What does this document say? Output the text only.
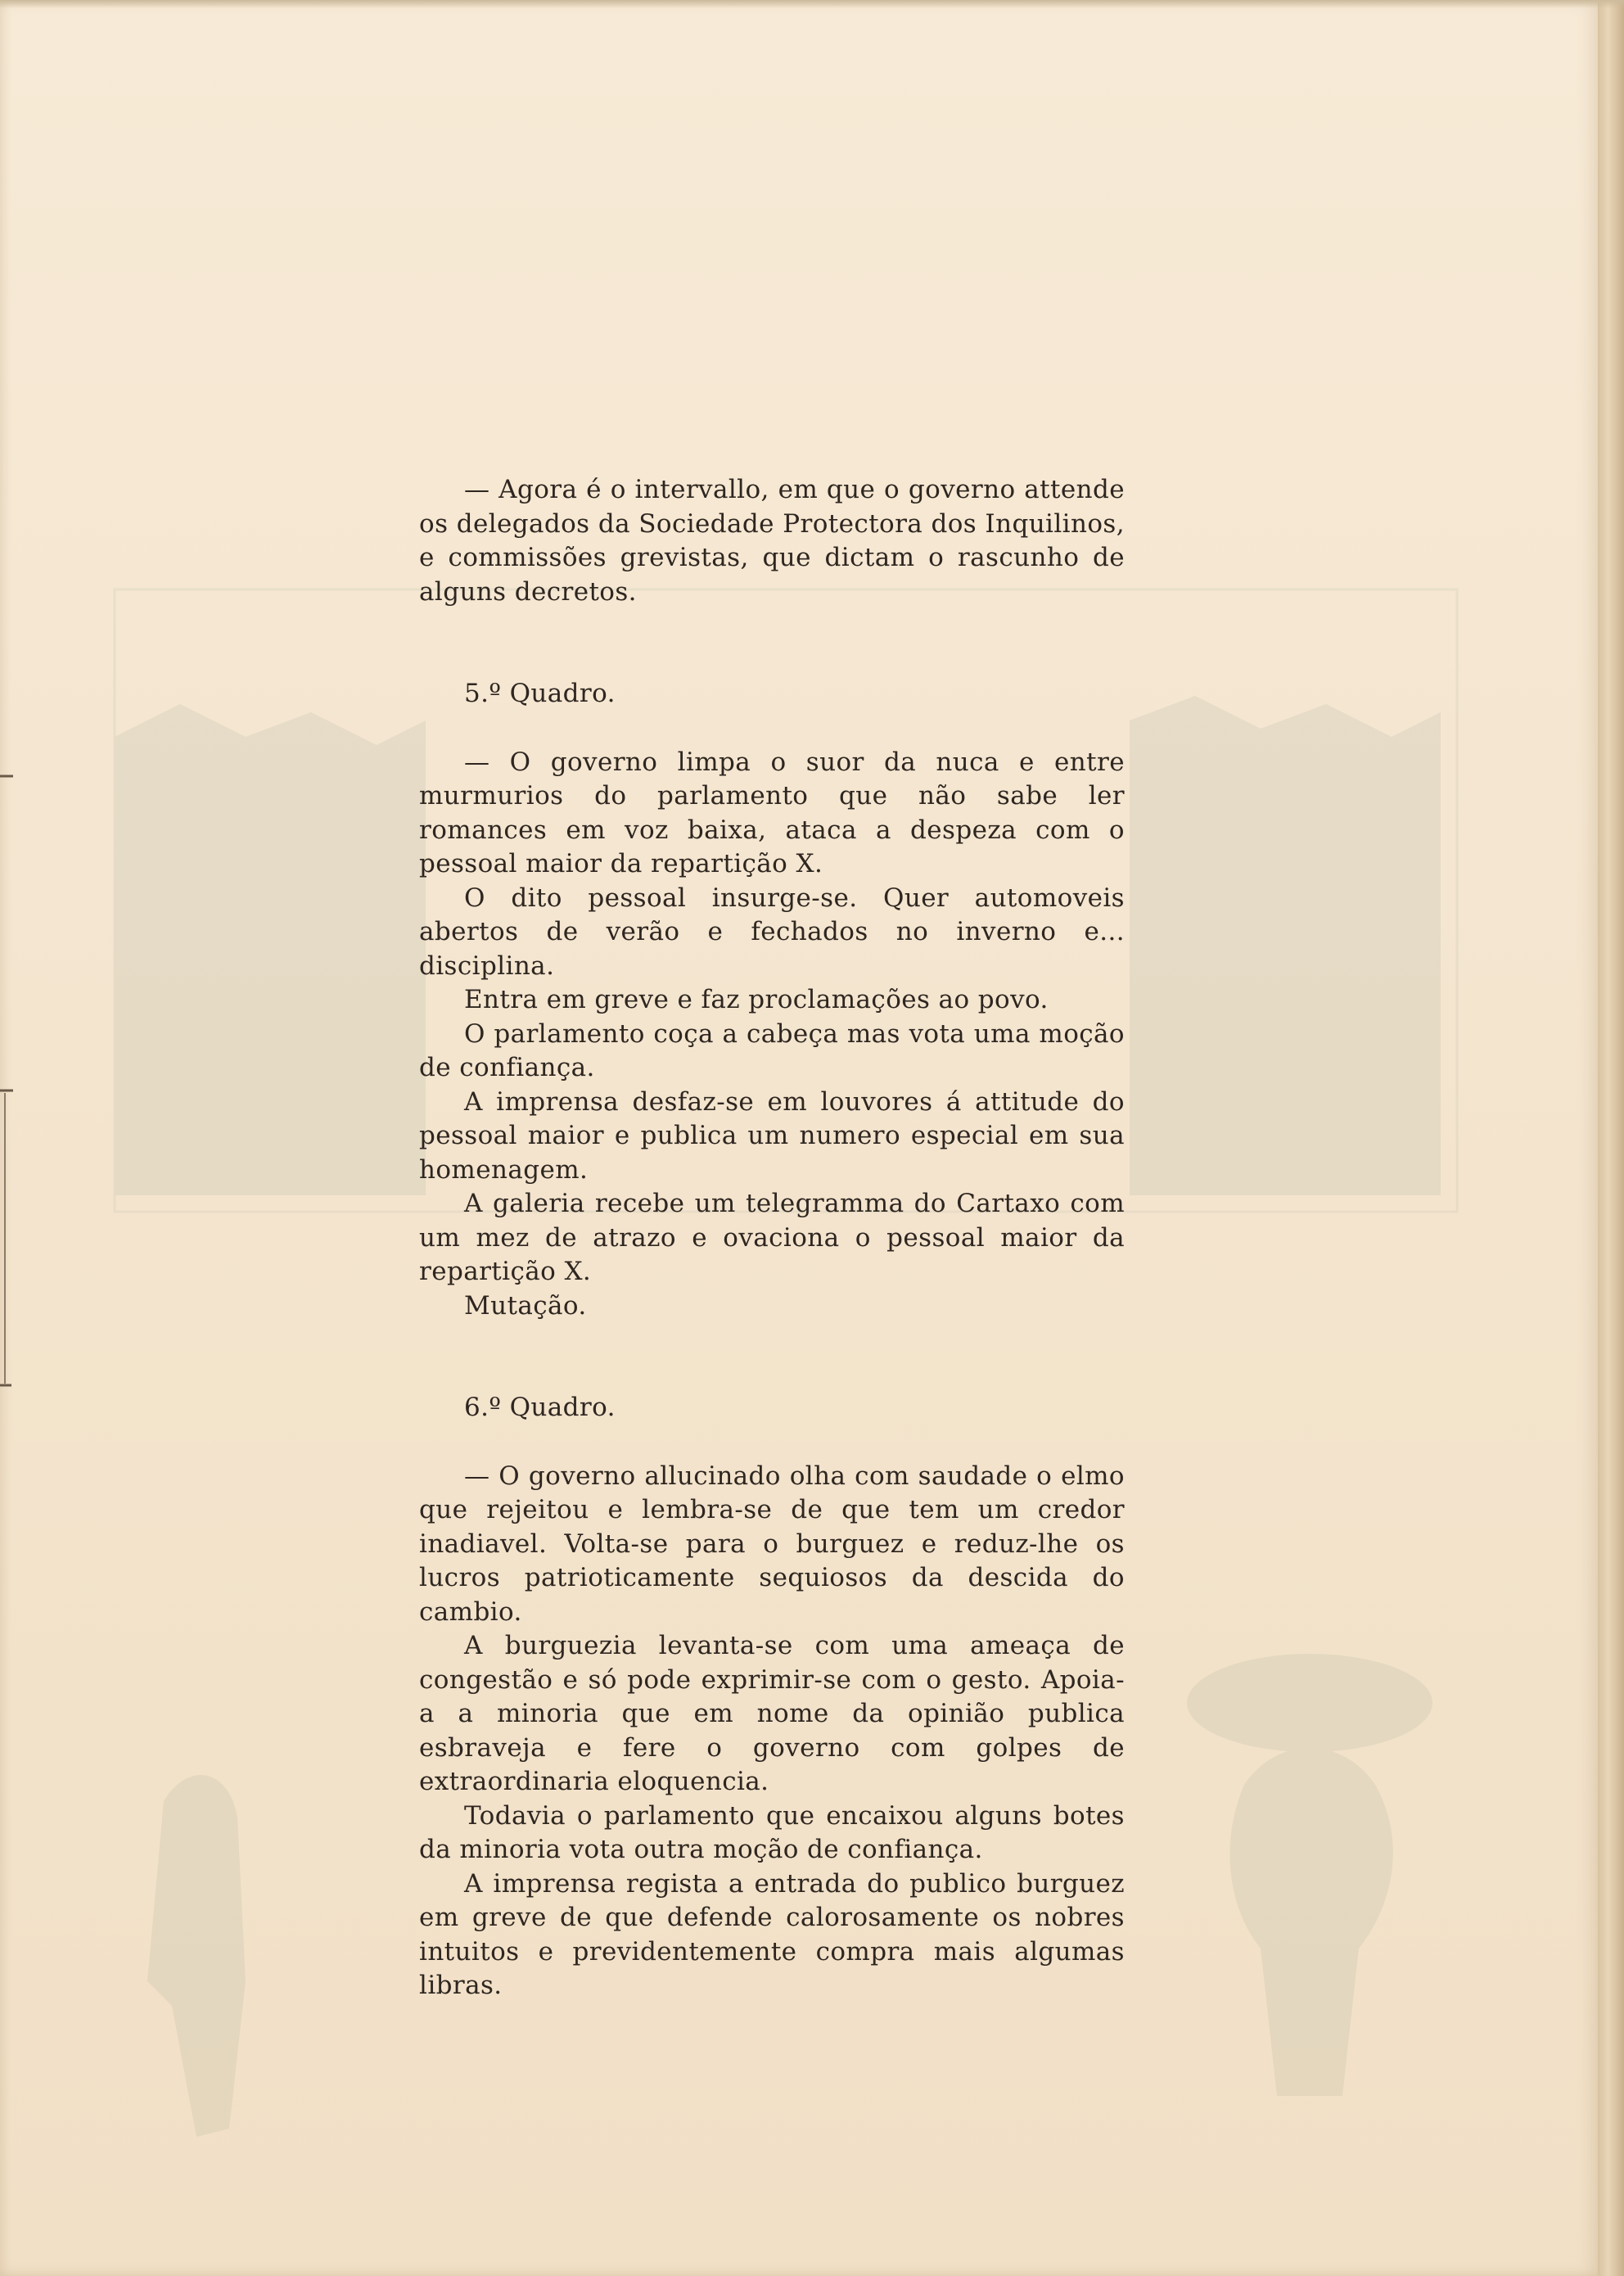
— Agora é o intervallo, em que o governo attende os delegados da Sociedade Protectora dos Inquilinos, e commissões grevistas, que dictam o rascunho de alguns decretos.

5.º Quadro.

— O governo limpa o suor da nuca e entre murmurios do parlamento que não sabe ler romances em voz baixa, ataca a despeza com o pessoal maior da repartição X.

O dito pessoal insurge-se. Quer automoveis abertos de verão e fechados no inverno e... disciplina.

Entra em greve e faz proclamações ao povo.

O parlamento coça a cabeça mas vota uma moção de confiança.

A imprensa desfaz-se em louvores á attitude do pessoal maior e publica um numero especial em sua homenagem.

A galeria recebe um telegramma do Cartaxo com um mez de atrazo e ovaciona o pessoal maior da repartição X.

Mutação.

6.º Quadro.

— O governo allucinado olha com saudade o elmo que rejeitou e lembra-se de que tem um credor inadiavel. Volta-se para o burguez e reduz-lhe os lucros patrioticamente sequiosos da descida do cambio.

A burguezia levanta-se com uma ameaça de congestão e só pode exprimir-se com o gesto. Apoia-a a minoria que em nome da opinião publica esbraveja e fere o governo com golpes de extraordinaria eloquencia.

Todavia o parlamento que encaixou alguns botes da minoria vota outra moção de confiança.

A imprensa regista a entrada do publico burguez em greve de que defende calorosamente os nobres intuitos e previdentemente compra mais algumas libras.
